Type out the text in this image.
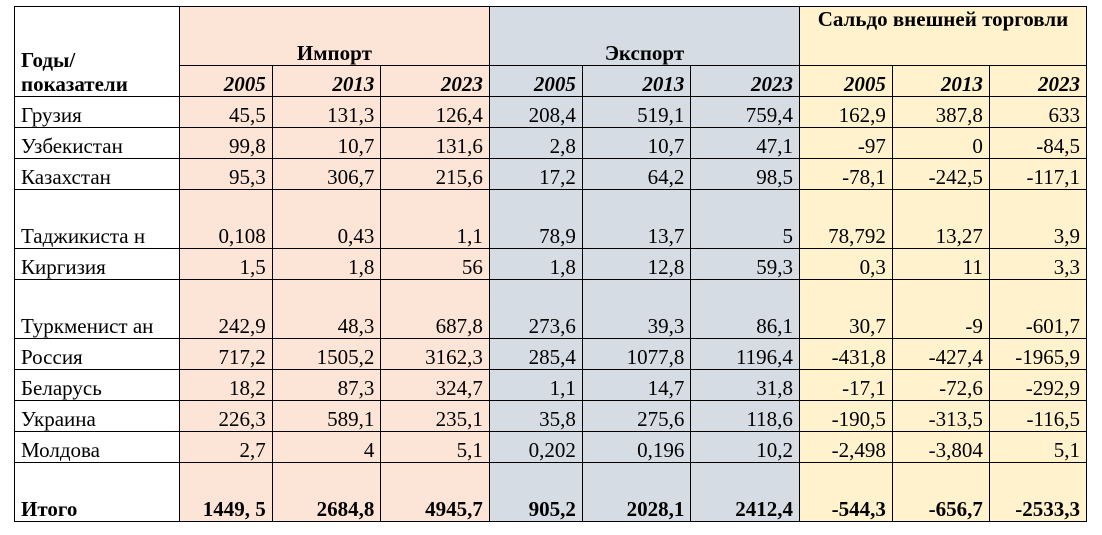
Годы/ показатели	Импорт			Экспорт			Сальдо внешней торговли		
	2005	2013	2023	2005	2013	2023	2005	2013	2023
Грузия	45,5	131,3	126,4	208,4	519,1	759,4	162,9	387,8	633
Узбекистан	99,8	10,7	131,6	2,8	10,7	47,1	-97	0	-84,5
Казахстан	95,3	306,7	215,6	17,2	64,2	98,5	-78,1	-242,5	-117,1
Таджикиста н	0,108	0,43	1,1	78,9	13,7	5	78,792	13,27	3,9
Киргизия	1,5	1,8	56	1,8	12,8	59,3	0,3	11	3,3
Туркменист ан	242,9	48,3	687,8	273,6	39,3	86,1	30,7	-9	-601,7
Россия	717,2	1505,2	3162,3	285,4	1077,8	1196,4	-431,8	-427,4	-1965,9
Беларусь	18,2	87,3	324,7	1,1	14,7	31,8	-17,1	-72,6	-292,9
Украина	226,3	589,1	235,1	35,8	275,6	118,6	-190,5	-313,5	-116,5
Молдова	2,7	4	5,1	0,202	0,196	10,2	-2,498	-3,804	5,1
Итого	1449, 5	2684,8	4945,7	905,2	2028,1	2412,4	-544,3	-656,7	-2533,3
